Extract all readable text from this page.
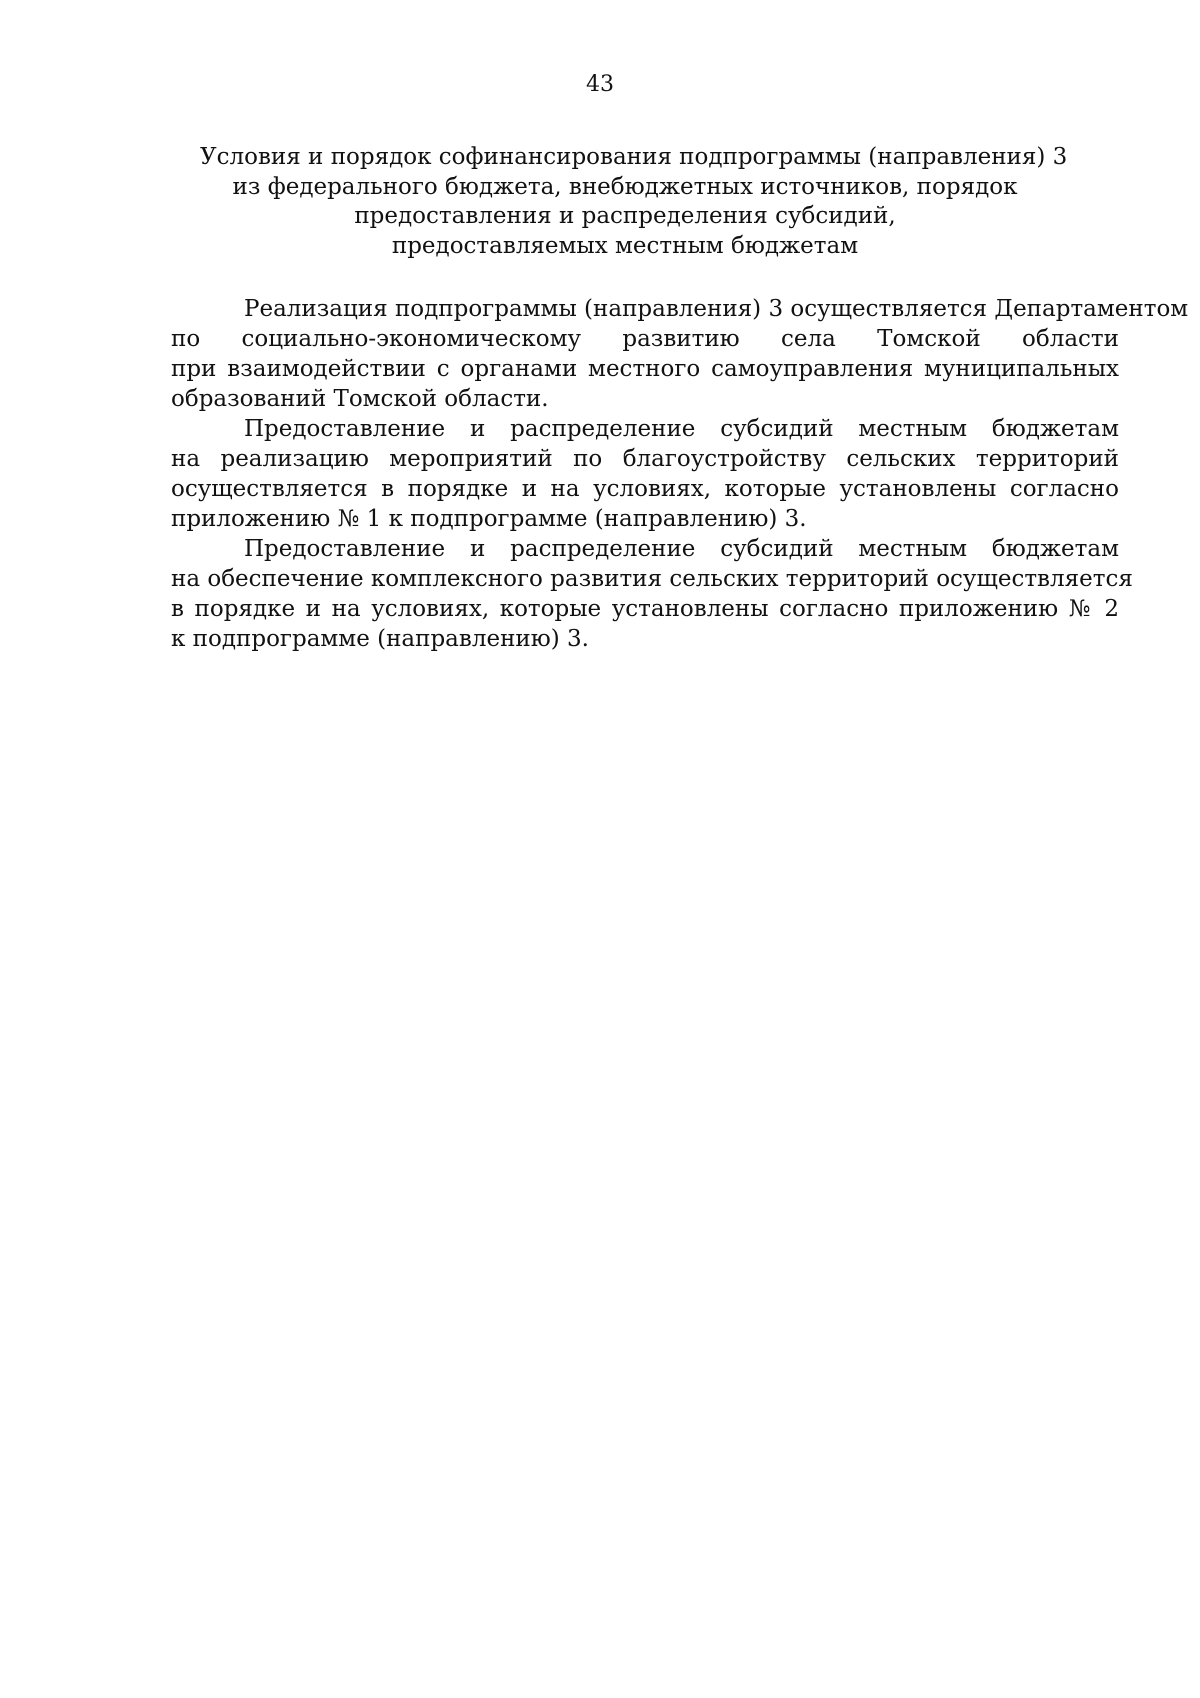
43
Условия и порядок софинансирования подпрограммы (направления) 3
из федерального бюджета, внебюджетных источников, порядок
предоставления и распределения субсидий,
предоставляемых местным бюджетам
Реализация подпрограммы (направления) 3 осуществляется Департаментом
по социально-экономическому развитию села Томской области
при взаимодействии с органами местного самоуправления муниципальных
образований Томской области.
Предоставление и распределение субсидий местным бюджетам
на реализацию мероприятий по благоустройству сельских территорий
осуществляется в порядке и на условиях, которые установлены согласно
приложению № 1 к подпрограмме (направлению) 3.
Предоставление и распределение субсидий местным бюджетам
на обеспечение комплексного развития сельских территорий осуществляется
в порядке и на условиях, которые установлены согласно приложению № 2
к подпрограмме (направлению) 3.
